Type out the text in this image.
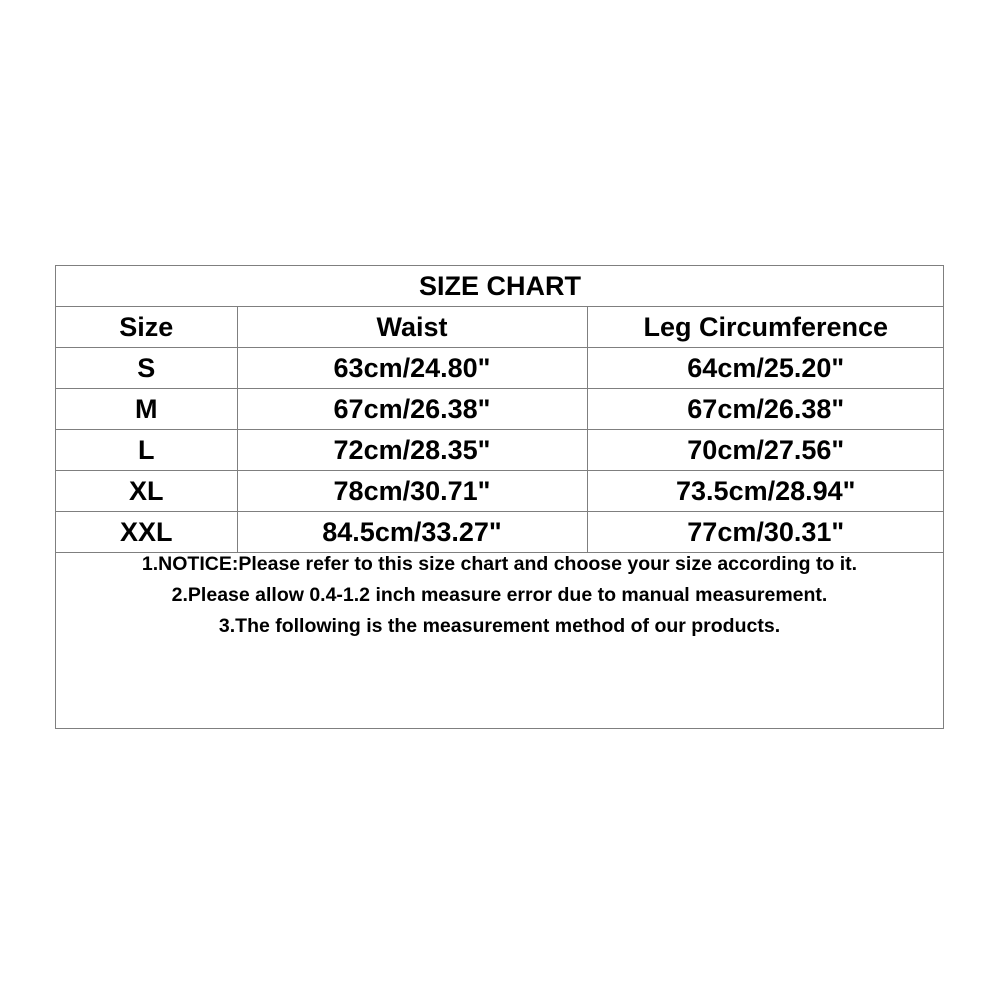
SIZE CHART		
Size	Waist	Leg Circumference
S	63cm/24.80"	64cm/25.20"
M	67cm/26.38"	67cm/26.38"
L	72cm/28.35"	70cm/27.56"
XL	78cm/30.71"	73.5cm/28.94"
XXL	84.5cm/33.27"	77cm/30.31"
1.NOTICE:Please refer to this size chart and choose your size according to it.
2.Please allow 0.4-1.2 inch measure error due to manual measurement.
3.The following is the measurement method of our products.
